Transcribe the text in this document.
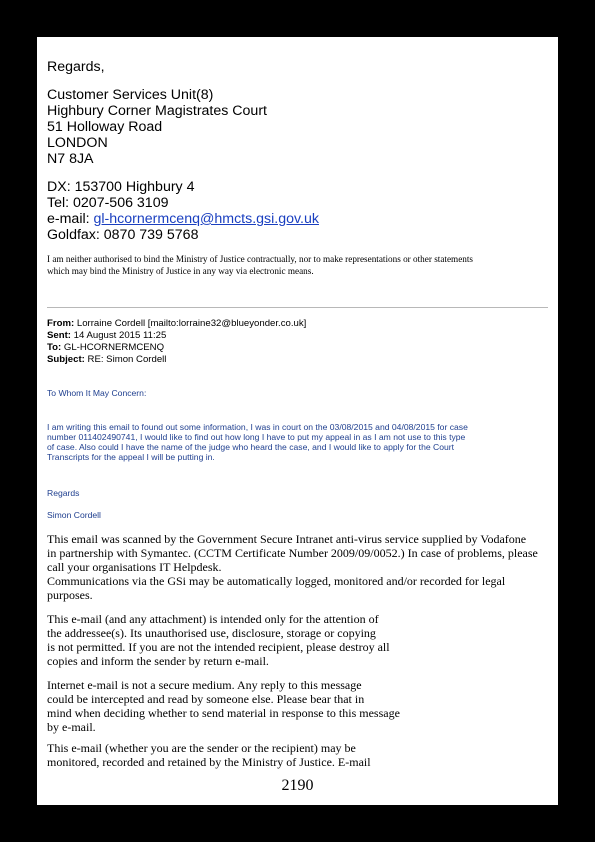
Regards,

Customer Services Unit(8)

Highbury Corner Magistrates Court

51 Holloway Road

LONDON

N7 8JA

DX: 153700 Highbury 4

Tel: 0207-506 3109

e-mail: gl-hcornermcenq@hmcts.gsi.gov.uk

Goldfax: 0870 739 5768

I am neither authorised to bind the Ministry of Justice contractually, nor to make representations or other statements

which may bind the Ministry of Justice in any way via electronic means.

From: Lorraine Cordell [mailto:lorraine32@blueyonder.co.uk]

Sent: 14 August 2015 11:25

To: GL-HCORNERMCENQ

Subject: RE: Simon Cordell

To Whom It May Concern:

I am writing this email to found out some information, I was in court on the 03/08/2015 and 04/08/2015 for case

number 011402490741, I would like to find out how long I have to put my appeal in as I am not use to this type

of case. Also could I have the name of the judge who heard the case, and I would like to apply for the Court

Transcripts for the appeal I will be putting in.

Regards

Simon Cordell

This email was scanned by the Government Secure Intranet anti-virus service supplied by Vodafone

in partnership with Symantec. (CCTM Certificate Number 2009/09/0052.) In case of problems, please

call your organisations IT Helpdesk.

Communications via the GSi may be automatically logged, monitored and/or recorded for legal

purposes.

This e-mail (and any attachment) is intended only for the attention of

the addressee(s). Its unauthorised use, disclosure, storage or copying

is not permitted. If you are not the intended recipient, please destroy all

copies and inform the sender by return e-mail.

Internet e-mail is not a secure medium. Any reply to this message

could be intercepted and read by someone else. Please bear that in

mind when deciding whether to send material in response to this message

by e-mail.

This e-mail (whether you are the sender or the recipient) may be

monitored, recorded and retained by the Ministry of Justice. E-mail

2190
